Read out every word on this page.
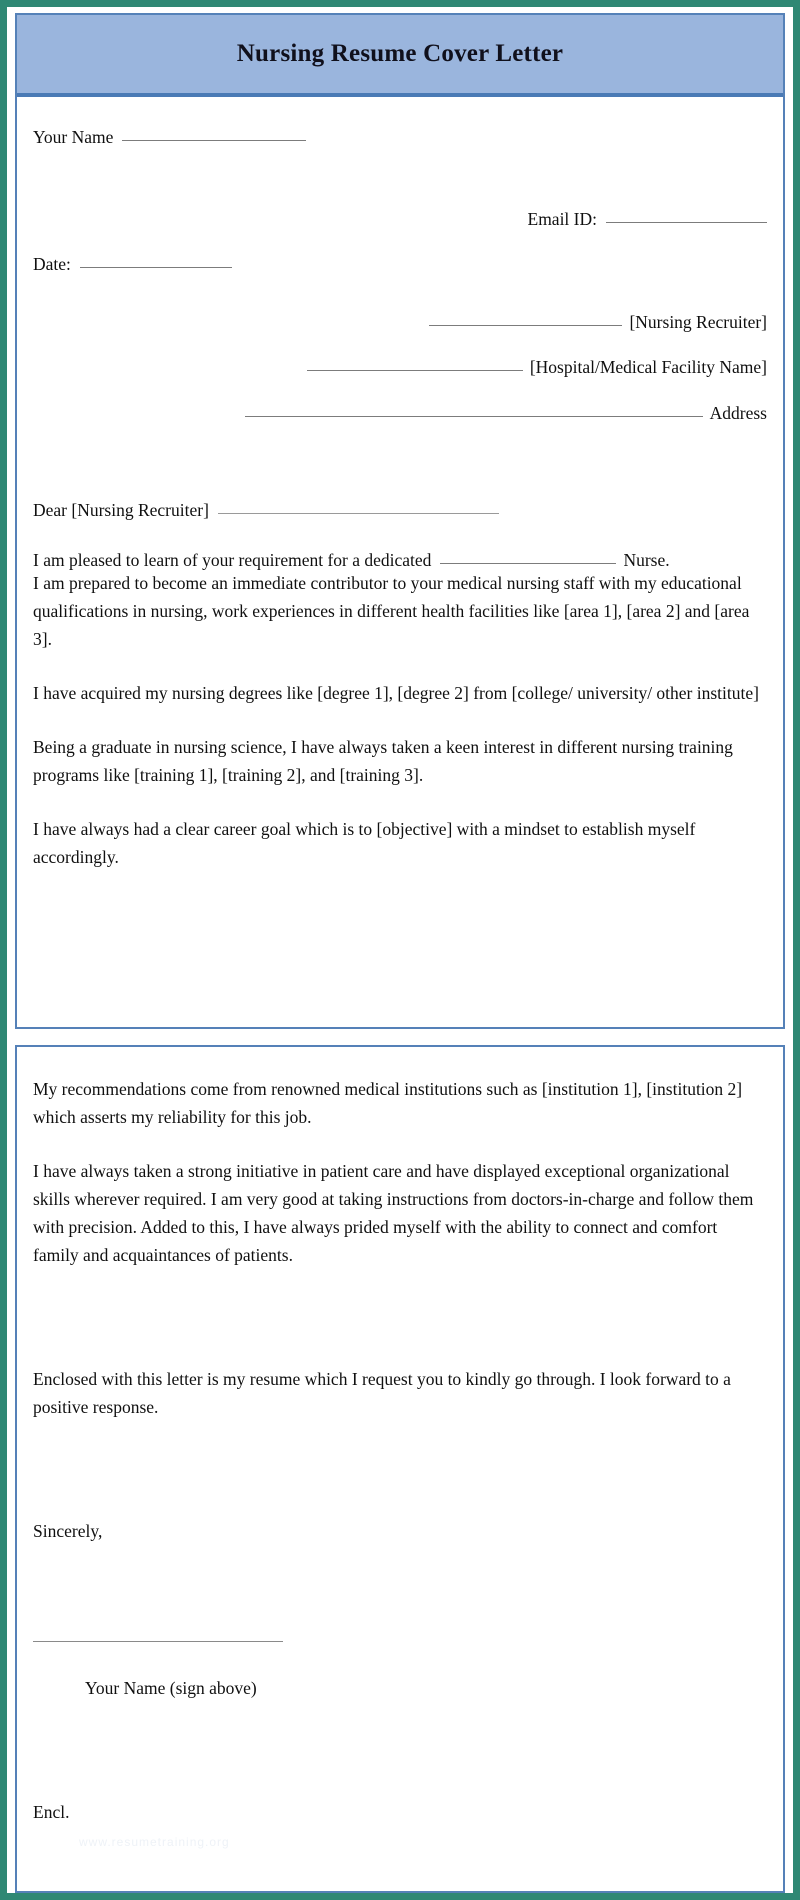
Nursing Resume Cover Letter
Your Name
Email ID:
Date:
[Nursing Recruiter]
[Hospital/Medical Facility Name]
Address
Dear [Nursing Recruiter]
I am pleased to learn of your requirement for a dedicated	Nurse.

I am prepared to become an immediate contributor to your medical nursing staff with my educational qualifications in nursing, work experiences in different health facilities like [area 1], [area 2] and [area 3].

I have acquired my nursing degrees like [degree 1], [degree 2] from [college/ university/ other institute]

Being a graduate in nursing science, I have always taken a keen interest in different nursing training programs like [training 1], [training 2], and [training 3].

I have always had a clear career goal which is to [objective] with a mindset to establish myself accordingly.

My recommendations come from renowned medical institutions such as [institution 1], [institution 2] which asserts my reliability for this job.

I have always taken a strong initiative in patient care and have displayed exceptional organizational skills wherever required. I am very good at taking instructions from doctors-in-charge and follow them with precision. Added to this, I have always prided myself with the ability to connect and comfort family and acquaintances of patients.

Enclosed with this letter is my resume which I request you to kindly go through. I look forward to a positive response.

Sincerely,

Your Name (sign above)

Encl.

www.resumetraining.org
